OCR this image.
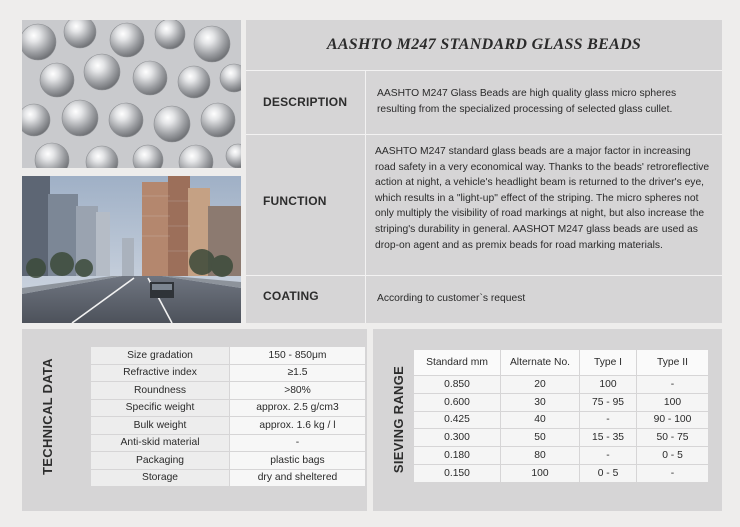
AASHTO M247 STANDARD GLASS BEADS
DESCRIPTION
AASHTO M247 Glass Beads are high quality glass micro spheres resulting from the specialized processing of selected glass cullet.
FUNCTION
AASHTO M247 standard glass beads are a major factor in increasing road safety in a very economical way. Thanks to the beads' retroreflective action at night, a vehicle's headlight beam is returned to the driver's eye, which results in a "light-up" effect of the striping. The micro spheres not only multiply the visibility of road markings at night, but also increase the striping's durability in general. AASHOT M247 glass beads are used as drop-on agent and as premix beads for road marking materials.
COATING	According to customer`s request
TECHNICAL DATA
Size gradation	150 - 850μm
Refractive index	≥1.5
Roundness	>80%
Specific weight	approx. 2.5 g/cm3
Bulk weight	approx. 1.6 kg / l
Anti-skid material	-
Packaging	plastic bags
Storage	dry and sheltered
SIEVING RANGE
Standard mm	Alternate No.	Type I	Type II
0.850	20	100	-
0.600	30	75 - 95	100
0.425	40	-	90 - 100
0.300	50	15 - 35	50 - 75
0.180	80	-	0 - 5
0.150	100	0 - 5	-
